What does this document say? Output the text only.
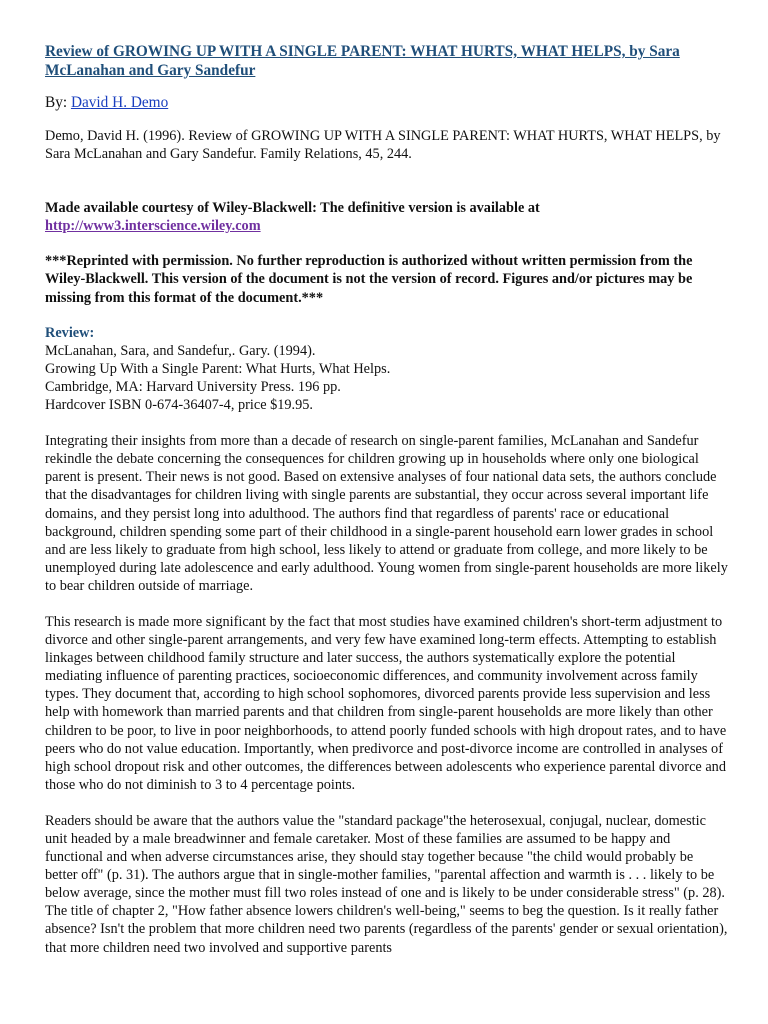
Review of GROWING UP WITH A SINGLE PARENT: WHAT HURTS, WHAT HELPS, by Sara McLanahan and Gary Sandefur
By: David H. Demo

Demo, David H. (1996). Review of GROWING UP WITH A SINGLE PARENT: WHAT HURTS, WHAT HELPS, by Sara McLanahan and Gary Sandefur. Family Relations, 45, 244.

Made available courtesy of Wiley-Blackwell: The definitive version is available at
http://www3.interscience.wiley.com

***Reprinted with permission. No further reproduction is authorized without written permission from the Wiley-Blackwell. This version of the document is not the version of record. Figures and/or pictures may be missing from this format of the document.***

Review:
McLanahan, Sara, and Sandefur,. Gary. (1994).
Growing Up With a Single Parent: What Hurts, What Helps.
Cambridge, MA: Harvard University Press. 196 pp.
Hardcover ISBN 0-674-36407-4, price $19.95.

Integrating their insights from more than a decade of research on single-parent families, McLanahan and Sandefur rekindle the debate concerning the consequences for children growing up in households where only one biological parent is present. Their news is not good. Based on extensive analyses of four national data sets, the authors conclude that the disadvantages for children living with single parents are substantial, they occur across several important life domains, and they persist long into adulthood. The authors find that regardless of parents' race or educational background, children spending some part of their childhood in a single-parent household earn lower grades in school and are less likely to graduate from high school, less likely to attend or graduate from college, and more likely to be unemployed during late adolescence and early adulthood. Young women from single-parent households are more likely to bear children outside of marriage.

This research is made more significant by the fact that most studies have examined children's short-term adjustment to divorce and other single-parent arrangements, and very few have examined long-term effects. Attempting to establish linkages between childhood family structure and later success, the authors systematically explore the potential mediating influence of parenting practices, socioeconomic differences, and community involvement across family types. They document that, according to high school sophomores, divorced parents provide less supervision and less help with homework than married parents and that children from single-parent households are more likely than other children to be poor, to live in poor neighborhoods, to attend poorly funded schools with high dropout rates, and to have peers who do not value education. Importantly, when predivorce and post-divorce income are controlled in analyses of high school dropout risk and other outcomes, the differences between adolescents who experience parental divorce and those who do not diminish to 3 to 4 percentage points.

Readers should be aware that the authors value the "standard package"the heterosexual, conjugal, nuclear, domestic unit headed by a male breadwinner and female caretaker. Most of these families are assumed to be happy and functional and when adverse circumstances arise, they should stay together because "the child would probably be better off" (p. 31). The authors argue that in single-mother families, "parental affection and warmth is . . . likely to be below average, since the mother must fill two roles instead of one and is likely to be under considerable stress" (p. 28). The title of chapter 2, "How father absence lowers children's well-being," seems to beg the question. Is it really father absence? Isn't the problem that more children need two parents (regardless of the parents' gender or sexual orientation), that more children need two involved and supportive parents
